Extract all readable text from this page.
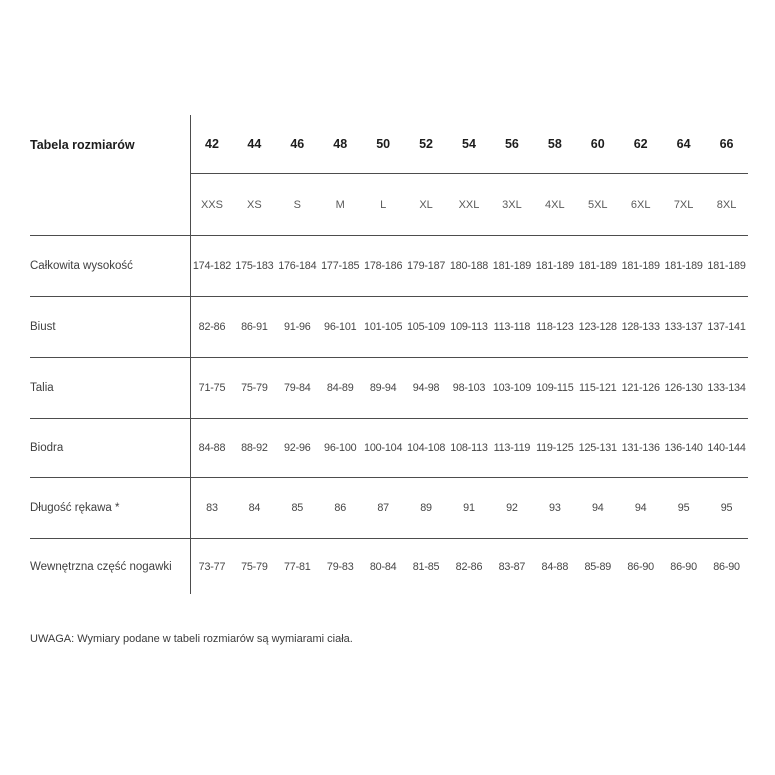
Tabela rozmiarów	42	44	46	48	50	52	54	56	58	60	62	64	66
XXS	XS	S	M	L	XL	XXL	3XL	4XL	5XL	6XL	7XL	8XL
Całkowita wysokość	174-182 175-183 176-184 177-185 178-186 179-187 180-188 181-189 181-189 181-189 181-189 181-189 181-189
Biust	82-86	86-91	91-96	96-101 101-105 105-109 109-113 113-118 118-123 123-128 128-133 133-137 137-141
Talia	71-75	75-79	79-84	84-89	89-94	94-98	98-103 103-109 109-115 115-121 121-126 126-130 133-134
Biodra	84-88	88-92	92-96	96-100 100-104 104-108 108-113 113-119 119-125 125-131 131-136 136-140 140-144
Długość rękawa *	83	84	85	86	87	89	91	92	93	94	94	95	95
Wewnętrzna część nogawki	73-77	75-79	77-81	79-83	80-84	81-85	82-86	83-87	84-88	85-89	86-90	86-90	86-90
UWAGA: Wymiary podane w tabeli rozmiarów są wymiarami ciała.
